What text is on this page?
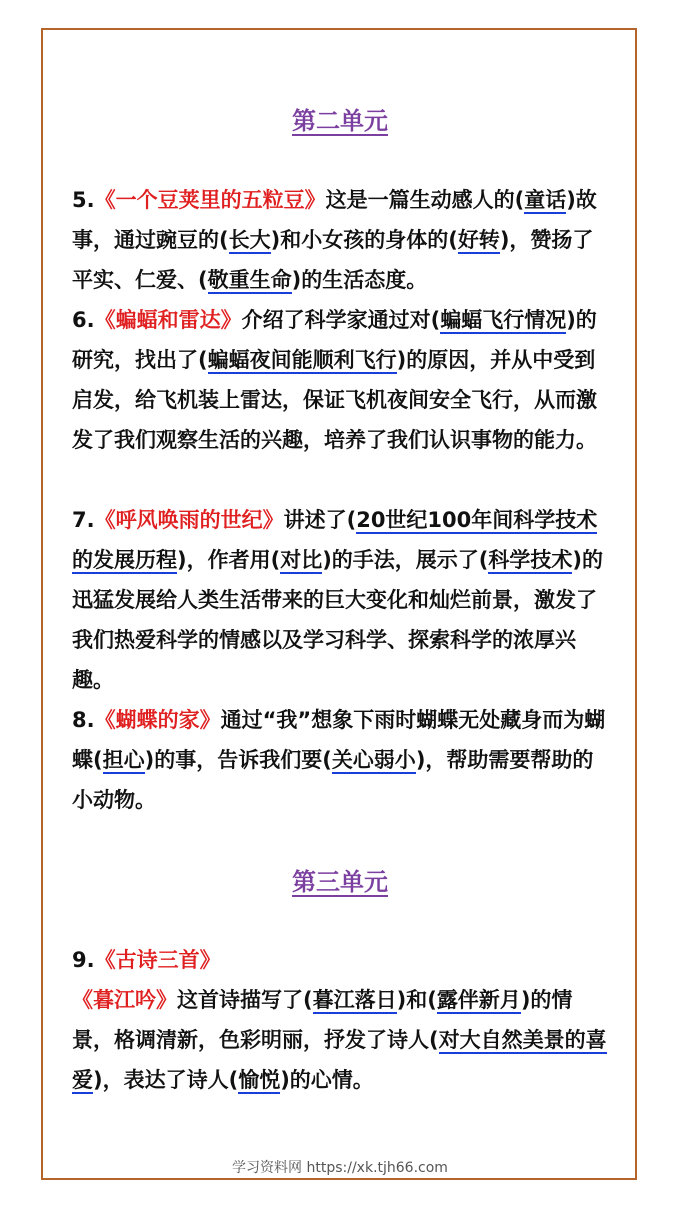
第二单元
5.《一个豆荚里的五粒豆》这是一篇生动感人的(童话)故事，通过豌豆的(长大)和小女孩的身体的(好转)，赞扬了平实、仁爱、(敬重生命)的生活态度。
6.《蝙蝠和雷达》介绍了科学家通过对(蝙蝠飞行情况)的研究，找出了(蝙蝠夜间能顺利飞行)的原因，并从中受到启发，给飞机装上雷达，保证飞机夜间安全飞行，从而激发了我们观察生活的兴趣，培养了我们认识事物的能力。
7.《呼风唤雨的世纪》讲述了(20世纪100年间科学技术的发展历程)，作者用(对比)的手法，展示了(科学技术)的迅猛发展给人类生活带来的巨大变化和灿烂前景，激发了我们热爱科学的情感以及学习科学、探索科学的浓厚兴趣。
8.《蝴蝶的家》通过“我”想象下雨时蝴蝶无处藏身而为蝴蝶(担心)的事，告诉我们要(关心弱小)，帮助需要帮助的小动物。
第三单元
9.《古诗三首》
《暮江吟》这首诗描写了(暮江落日)和(露伴新月)的情景，格调清新，色彩明丽，抒发了诗人(对大自然美景的喜爱)，表达了诗人(愉悦)的心情。
学习资料网 https://xk.tjh66.com
